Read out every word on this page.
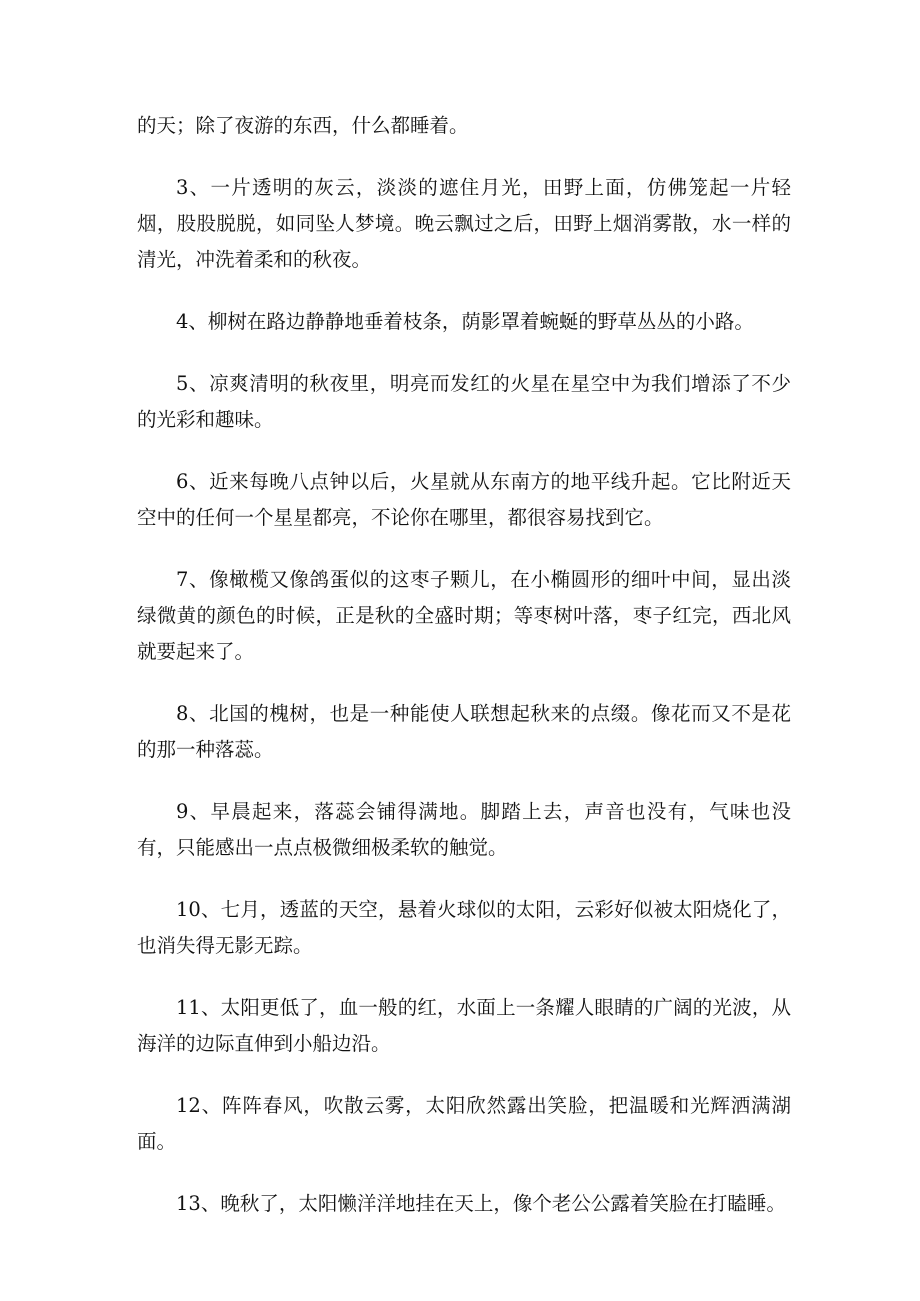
的天；除了夜游的东西，什么都睡着。

3、一片透明的灰云，淡淡的遮住月光，田野上面，仿佛笼起一片轻烟，股股脱脱，如同坠人梦境。晚云飘过之后，田野上烟消雾散，水一样的清光，冲洗着柔和的秋夜。

4、柳树在路边静静地垂着枝条，荫影罩着蜿蜒的野草丛丛的小路。

5、凉爽清明的秋夜里，明亮而发红的火星在星空中为我们增添了不少的光彩和趣味。

6、近来每晚八点钟以后，火星就从东南方的地平线升起。它比附近天空中的任何一个星星都亮，不论你在哪里，都很容易找到它。

7、像橄榄又像鸽蛋似的这枣子颗儿，在小椭圆形的细叶中间，显出淡绿微黄的颜色的时候，正是秋的全盛时期；等枣树叶落，枣子红完，西北风就要起来了。

8、北国的槐树，也是一种能使人联想起秋来的点缀。像花而又不是花的那一种落蕊。

9、早晨起来，落蕊会铺得满地。脚踏上去，声音也没有，气味也没有，只能感出一点点极微细极柔软的触觉。

10、七月，透蓝的天空，悬着火球似的太阳，云彩好似被太阳烧化了，也消失得无影无踪。

11、太阳更低了，血一般的红，水面上一条耀人眼睛的广阔的光波，从海洋的边际直伸到小船边沿。

12、阵阵春风，吹散云雾，太阳欣然露出笑脸，把温暖和光辉洒满湖面。

13、晚秋了，太阳懒洋洋地挂在天上，像个老公公露着笑脸在打瞌睡。
